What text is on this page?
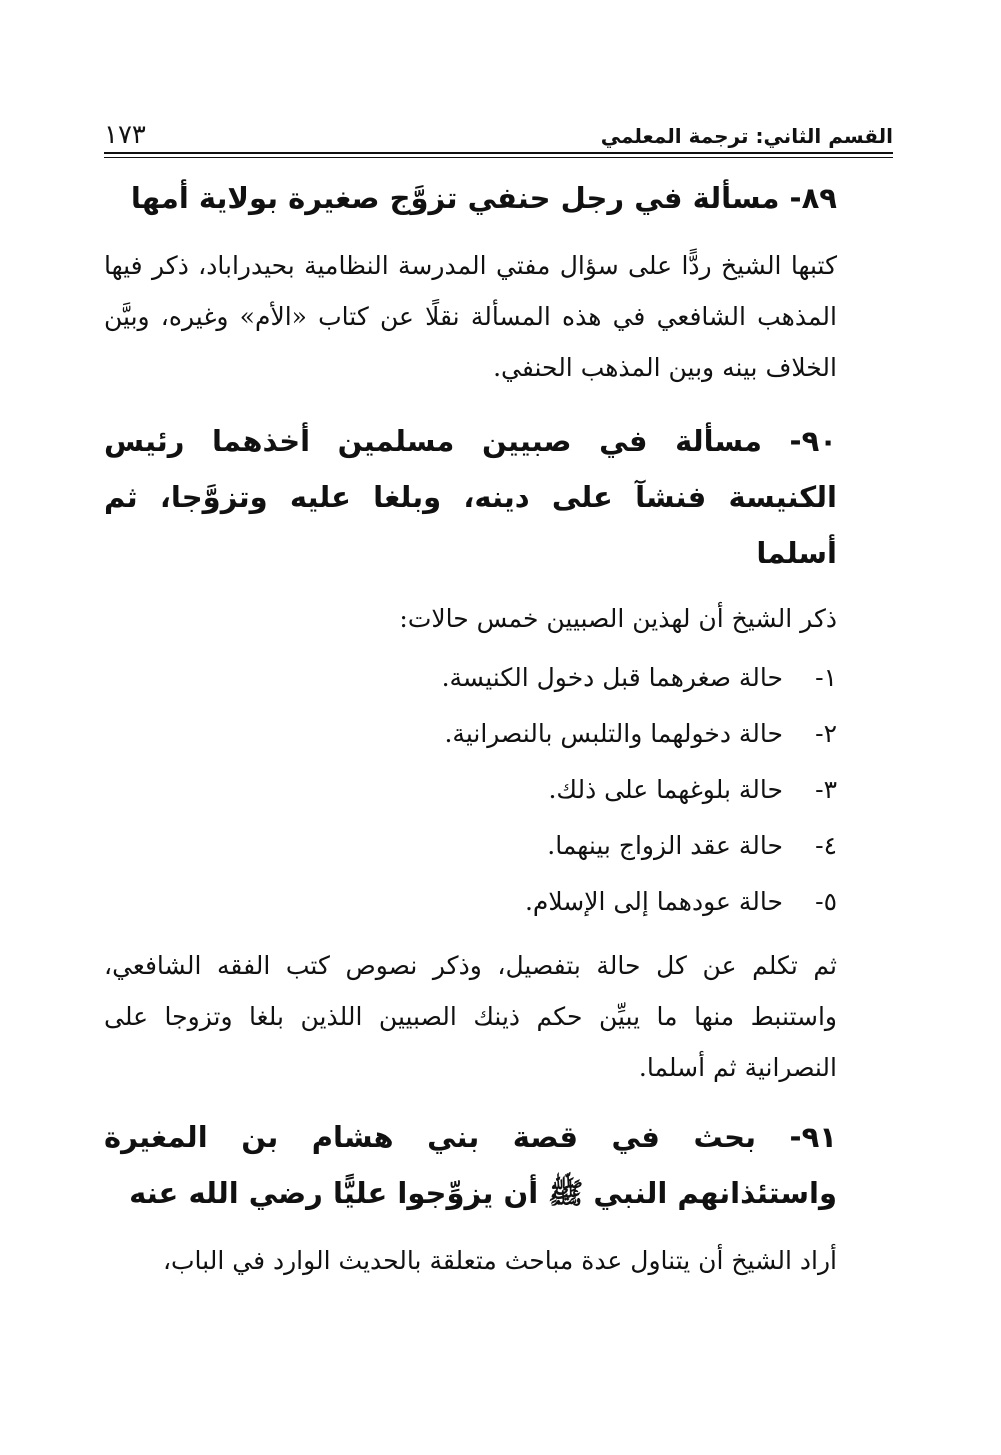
القسم الثاني: ترجمة المعلمي
١٧٣
٨٩- مسألة في رجل حنفي تزوَّج صغيرة بولاية أمها

كتبها الشيخ ردًّا على سؤال مفتي المدرسة النظامية بحيدراباد، ذكر فيها المذهب الشافعي في هذه المسألة نقلًا عن كتاب «الأم» وغيره، وبيَّن الخلاف بينه وبين المذهب الحنفي.

٩٠- مسألة في صبيين مسلمين أخذهما رئيس الكنيسة فنشآ على دينه، وبلغا عليه وتزوَّجا، ثم أسلما

ذكر الشيخ أن لهذين الصبيين خمس حالات:

١-
حالة صغرهما قبل دخول الكنيسة.
٢-
حالة دخولهما والتلبس بالنصرانية.
٣-
حالة بلوغهما على ذلك.
٤-
حالة عقد الزواج بينهما.
٥-
حالة عودهما إلى الإسلام.

ثم تكلم عن كل حالة بتفصيل، وذكر نصوص كتب الفقه الشافعي، واستنبط منها ما يبيِّن حكم ذينك الصبيين اللذين بلغا وتزوجا على النصرانية ثم أسلما.

٩١- بحث في قصة بني هشام بن المغيرة واستئذانهم النبي ﷺ أن يزوِّجوا عليًّا رضي الله عنه

أراد الشيخ أن يتناول عدة مباحث متعلقة بالحديث الوارد في الباب،
